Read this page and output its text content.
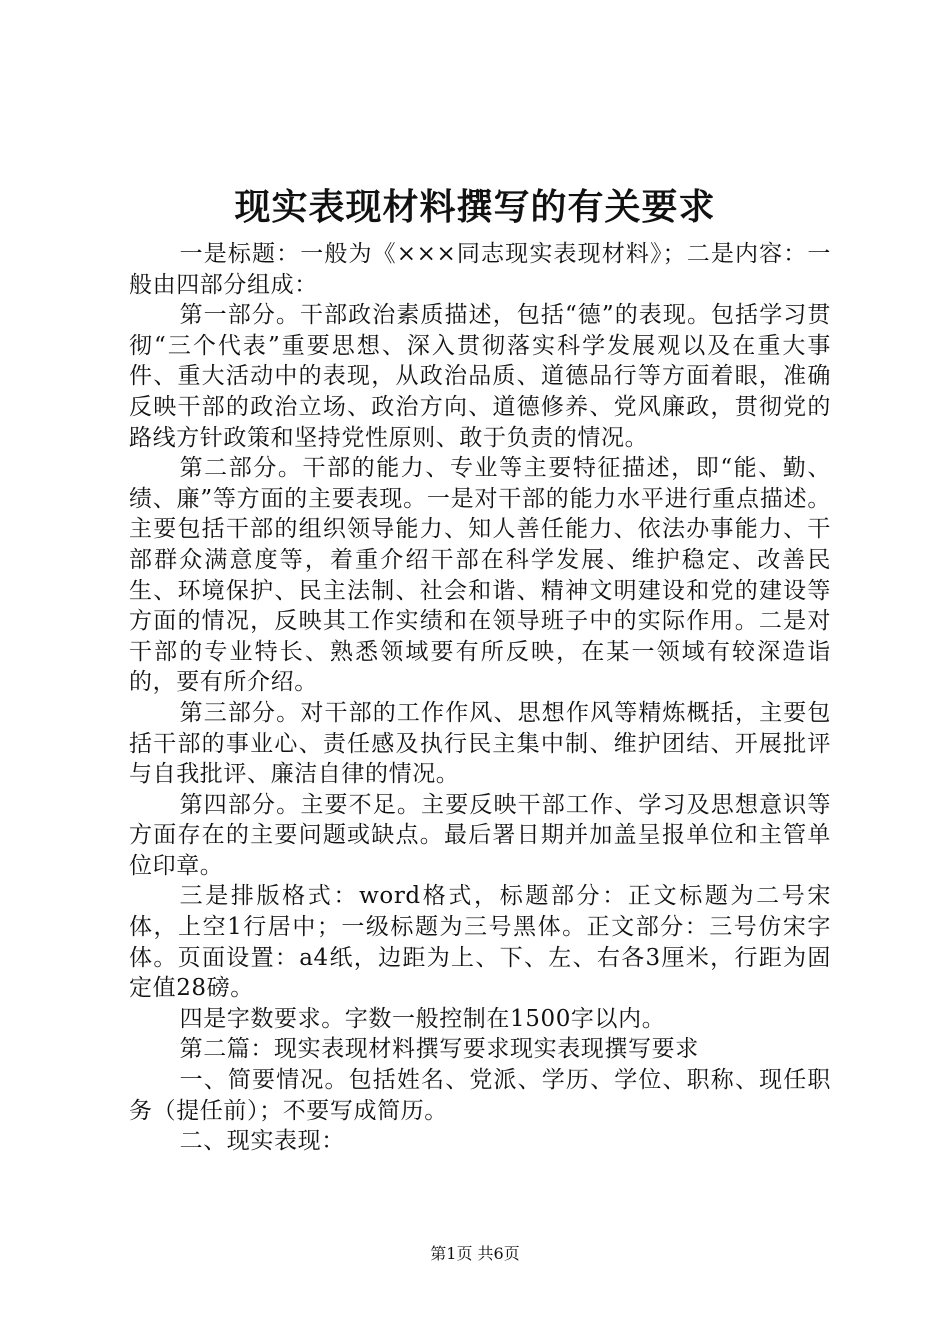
现实表现材料撰写的有关要求

一是标题：一般为《×××同志现实表现材料》；二是内容：一般由四部分组成：

第一部分。干部政治素质描述，包括“德”的表现。包括学习贯彻“三个代表”重要思想、深入贯彻落实科学发展观以及在重大事件、重大活动中的表现，从政治品质、道德品行等方面着眼，准确反映干部的政治立场、政治方向、道德修养、党风廉政，贯彻党的路线方针政策和坚持党性原则、敢于负责的情况。

第二部分。干部的能力、专业等主要特征描述，即“能、勤、绩、廉”等方面的主要表现。一是对干部的能力水平进行重点描述。主要包括干部的组织领导能力、知人善任能力、依法办事能力、干部群众满意度等，着重介绍干部在科学发展、维护稳定、改善民生、环境保护、民主法制、社会和谐、精神文明建设和党的建设等方面的情况，反映其工作实绩和在领导班子中的实际作用。二是对干部的专业特长、熟悉领域要有所反映，在某一领域有较深造诣的，要有所介绍。

第三部分。对干部的工作作风、思想作风等精炼概括，主要包括干部的事业心、责任感及执行民主集中制、维护团结、开展批评与自我批评、廉洁自律的情况。

第四部分。主要不足。主要反映干部工作、学习及思想意识等方面存在的主要问题或缺点。最后署日期并加盖呈报单位和主管单位印章。

三是排版格式：word格式，标题部分：正文标题为二号宋体，上空1行居中；一级标题为三号黑体。正文部分：三号仿宋字体。页面设置：a4纸，边距为上、下、左、右各3厘米，行距为固定值28磅。

四是字数要求。字数一般控制在1500字以内。

第二篇：现实表现材料撰写要求现实表现撰写要求

一、简要情况。包括姓名、党派、学历、学位、职称、现任职务（提任前）；不要写成简历。

二、现实表现：

第1页 共6页
